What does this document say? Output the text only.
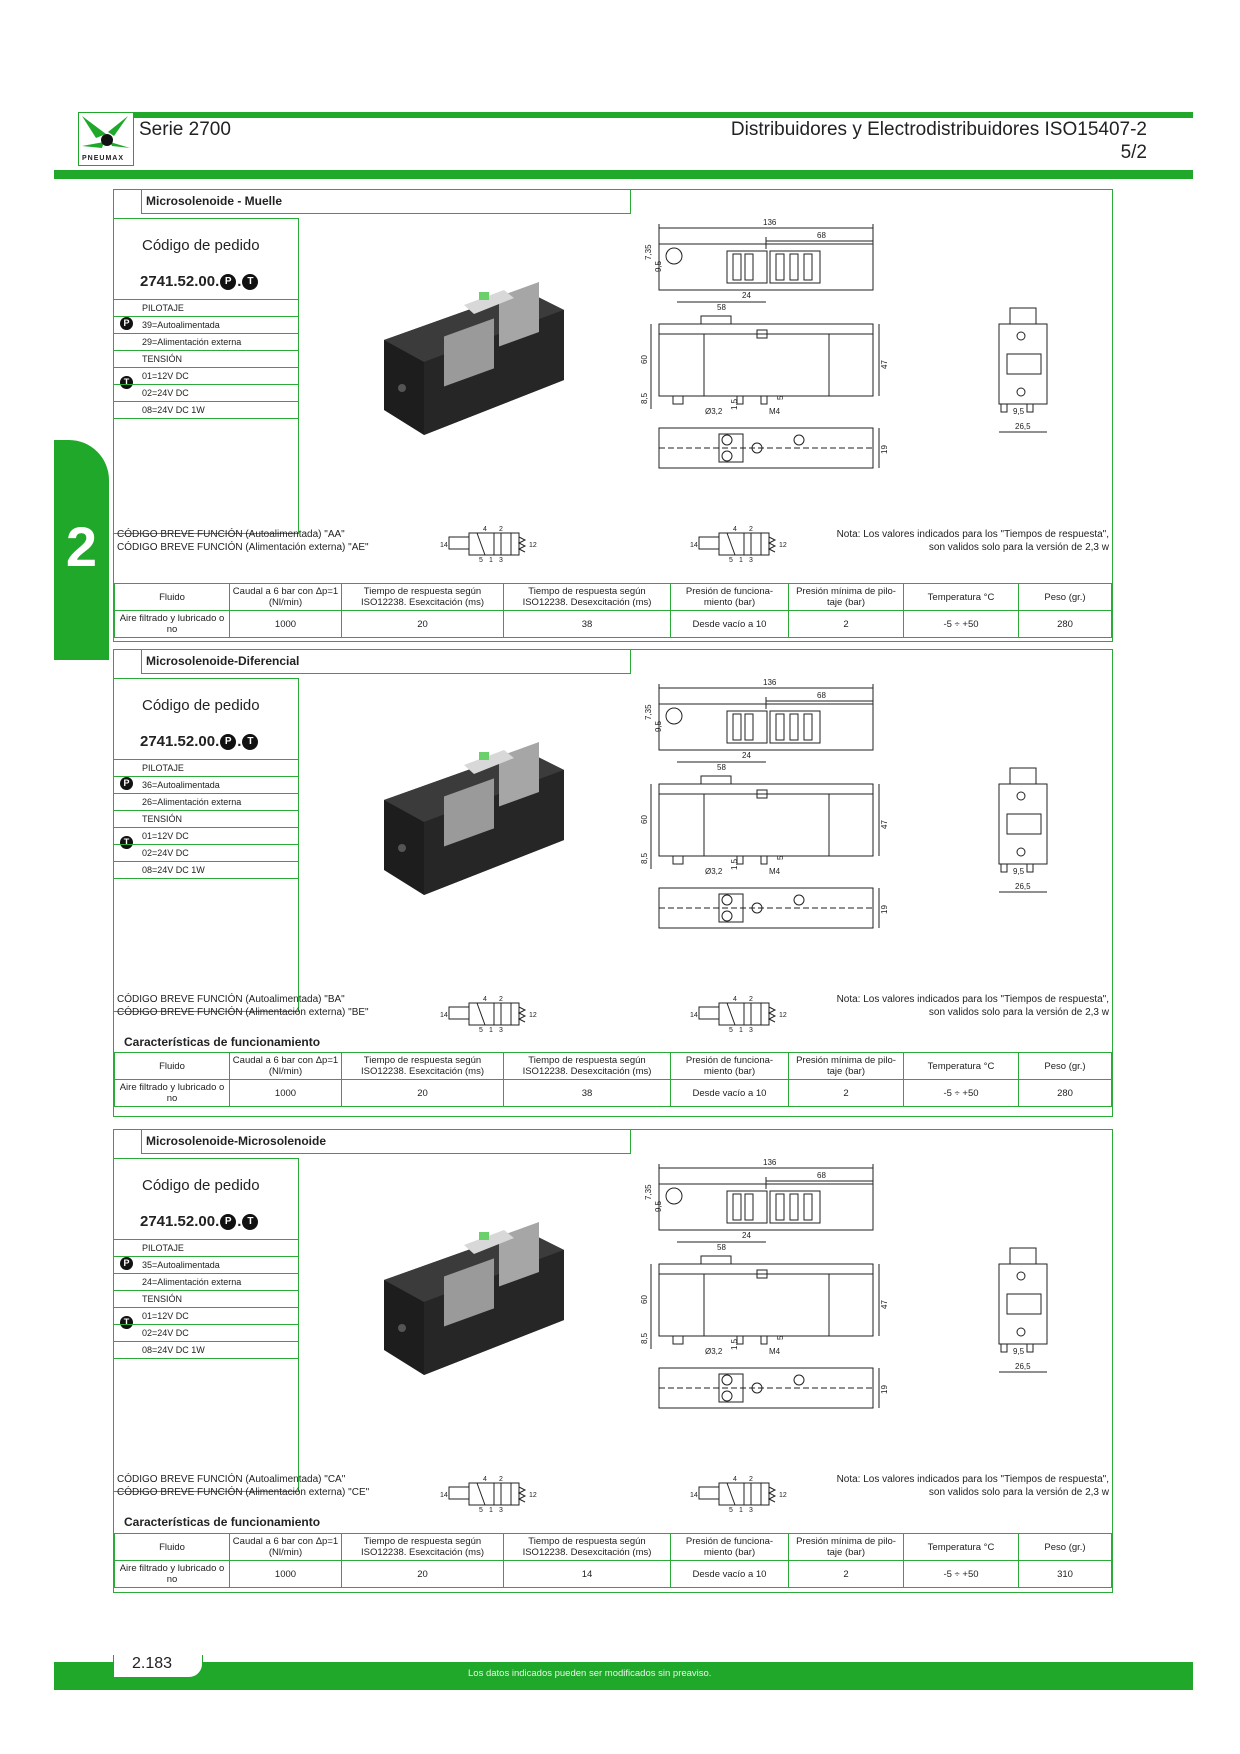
PNEUMAX
Serie 2700	Distribuidores y Electrodistribuidores ISO15407-2
5/2
2
Microsolenoide - Muelle
Código de pedido
2741.52.00. P . T
PILOTAJE
P	39=Autoalimentada
29=Alimentación externa
TENSIÓN
T
01=12V DC
02=24V DC
08=24V DC 1W
136
68
7,35
9,5
24
58
60
47
8,5
1,5
5
Ø3,2	M4
19
9,5
26,5
CÓDIGO BREVE FUNCIÓN (Autoalimentada) "AA"
CÓDIGO BREVE FUNCIÓN (Alimentación externa) "AE"	14	12
4 2
5 1 3
14	12
4 2
5 1 3
Nota: Los valores indicados para los "Tiempos de respuesta",
son validos solo para la versión de 2,3 w
Fluido	Caudal a 6 bar con Δp=1 (Nl/min)	Tiempo de respuesta según ISO12238. Esexcitación (ms)	Tiempo de respuesta según ISO12238. Desexcitación (ms)	Presión de funciona- miento (bar)	Presión mínima de pilo- taje (bar)	Temperatura °C	Peso (gr.)
Aire filtrado y lubricado o no	1000	20	38	Desde vacío a 10	2	-5 ÷ +50	280
Microsolenoide-Diferencial
Código de pedido
2741.52.00. P . T
PILOTAJE
P	36=Autoalimentada
26=Alimentación externa
TENSIÓN
T
01=12V DC
02=24V DC
08=24V DC 1W
136
68
7,35
9,5
24
58
60
47
8,5
1,5
5
Ø3,2	M4
19
9,5
26,5
CÓDIGO BREVE FUNCIÓN (Autoalimentada) "BA"
CÓDIGO BREVE FUNCIÓN (Alimentación externa) "BE"	14	12
4 2
5 1 3
14	12
4 2
5 1 3
Nota: Los valores indicados para los "Tiempos de respuesta",
son validos solo para la versión de 2,3 w
Características de funcionamiento
Fluido	Caudal a 6 bar con Δp=1 (Nl/min)	Tiempo de respuesta según ISO12238. Esexcitación (ms)	Tiempo de respuesta según ISO12238. Desexcitación (ms)	Presión de funciona- miento (bar)	Presión mínima de pilo- taje (bar)	Temperatura °C	Peso (gr.)
Aire filtrado y lubricado o no	1000	20	38	Desde vacío a 10	2	-5 ÷ +50	280
Microsolenoide-Microsolenoide
Código de pedido
2741.52.00. P . T
PILOTAJE
P	35=Autoalimentada
24=Alimentación externa
TENSIÓN
T
01=12V DC
02=24V DC
08=24V DC 1W
136
68
7,35
9,5
24
58
60
47
8,5
1,5
5
Ø3,2	M4
19
9,5
26,5
CÓDIGO BREVE FUNCIÓN (Autoalimentada) "CA"
CÓDIGO BREVE FUNCIÓN (Alimentación externa) "CE"	14	12
4 2
5 1 3
14	12
4 2
5 1 3
Nota: Los valores indicados para los "Tiempos de respuesta",
son validos solo para la versión de 2,3 w
Características de funcionamiento
Fluido	Caudal a 6 bar con Δp=1 (Nl/min)	Tiempo de respuesta según ISO12238. Esexcitación (ms)	Tiempo de respuesta según ISO12238. Desexcitación (ms)	Presión de funciona- miento (bar)	Presión mínima de pilo- taje (bar)	Temperatura °C	Peso (gr.)
Aire filtrado y lubricado o no	1000	20	14	Desde vacío a 10	2	-5 ÷ +50	310
2.183
Los datos indicados pueden ser modificados sin preaviso.
